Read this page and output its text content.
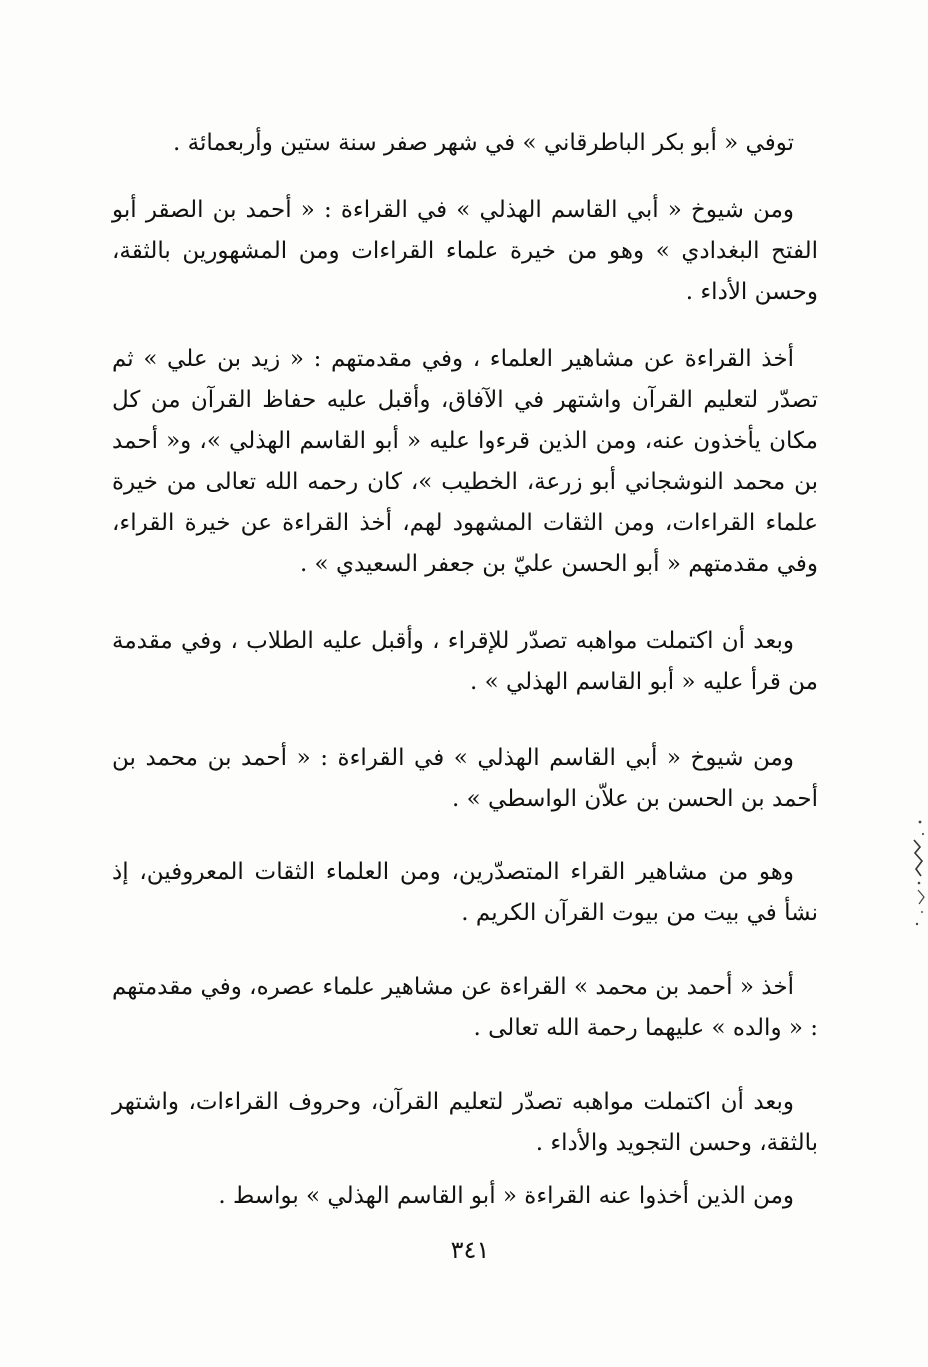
توفي « أبو بكر الباطرقاني » في شهر صفر سنة ستين وأربعمائة .

ومن شيوخ « أبي القاسم الهذلي » في القراءة : « أحمد بن الصقر أبو الفتح البغدادي » وهو من خيرة علماء القراءات ومن المشهورين بالثقة، وحسن الأداء .

أخذ القراءة عن مشاهير العلماء ، وفي مقدمتهم : « زيد بن علي » ثم تصدّر لتعليم القرآن واشتهر في الآفاق، وأقبل عليه حفاظ القرآن من كل مكان يأخذون عنه، ومن الذين قرءوا عليه « أبو القاسم الهذلي »، و« أحمد بن محمد النوشجاني أبو زرعة، الخطيب »، كان رحمه الله تعالى من خيرة علماء القراءات، ومن الثقات المشهود لهم، أخذ القراءة عن خيرة القراء، وفي مقدمتهم « أبو الحسن عليّ بن جعفر السعيدي » .

وبعد أن اكتملت مواهبه تصدّر للإقراء ، وأقبل عليه الطلاب ، وفي مقدمة من قرأ عليه « أبو القاسم الهذلي » .

ومن شيوخ « أبي القاسم الهذلي » في القراءة : « أحمد بن محمد بن أحمد بن الحسن بن علاّن الواسطي » .

وهو من مشاهير القراء المتصدّرين، ومن العلماء الثقات المعروفين، إذ نشأ في بيت من بيوت القرآن الكريم .

أخذ « أحمد بن محمد » القراءة عن مشاهير علماء عصره، وفي مقدمتهم : « والده » عليهما رحمة الله تعالى .

وبعد أن اكتملت مواهبه تصدّر لتعليم القرآن، وحروف القراءات، واشتهر بالثقة، وحسن التجويد والأداء .

ومن الذين أخذوا عنه القراءة « أبو القاسم الهذلي » بواسط .

٣٤١
